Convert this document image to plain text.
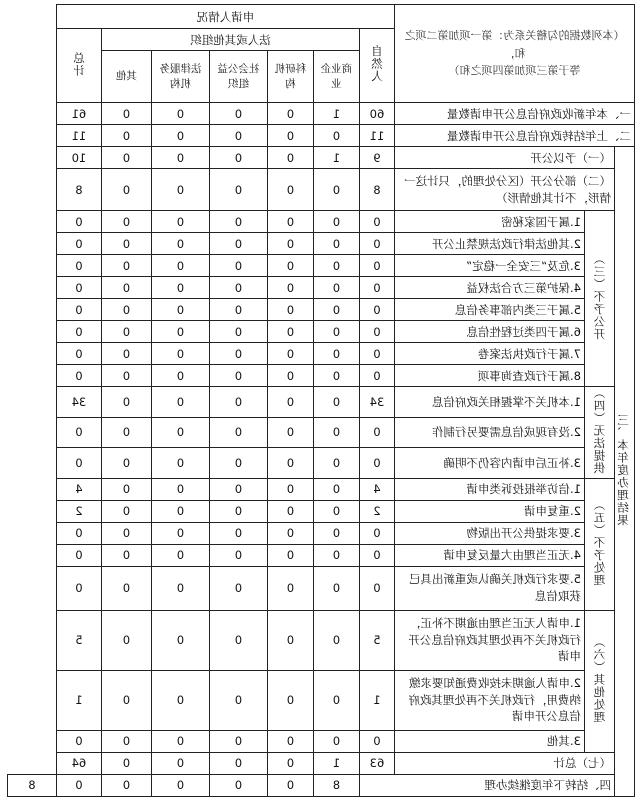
（本列数据的勾稽关系为：第一项加第二项之和，
等于第三项加第四项之和）			申请人情况							
			自然人	法人或其他组织					总计	
				商业企业	科研机构	社会公益组织	法律服务机构	其他		
一、本年新收政府信息公开申请数量			60	1	0	0	0	0	61	
二、上年结转政府信息公开申请数量			11	0	0	0	0	0	11	
三、本年度办理结果	（一）予以公开		9	1	0	0	0	0	10	
	（二）部分公开（区分处理的，只计这一情形，不计其他情形）		8	0	0	0	0	0	8	
	（三）不予公开	1.属于国家秘密	0	0	0	0	0	0	0	
		2.其他法律行政法规禁止公开	0	0	0	0	0	0	0	
		3.危及“三安全一稳定”	0	0	0	0	0	0	0	
		4.保护第三方合法权益	0	0	0	0	0	0	0	
		5.属于三类内部事务信息	0	0	0	0	0	0	0	
		6.属于四类过程性信息	0	0	0	0	0	0	0	
		7.属于行政执法案卷	0	0	0	0	0	0	0	
		8.属于行政查询事项	0	0	0	0	0	0	0	
	（四）无法提供	1.本机关不掌握相关政府信息	34	0	0	0	0	0	34	
		2.没有现成信息需要另行制作	0	0	0	0	0	0	0	
		3.补正后申请内容仍不明确	0	0	0	0	0	0	0	
	（五）不予处理	1.信访举报投诉类申请	4	0	0	0	0	0	4	
		2.重复申请	2	0	0	0	0	0	2	
		3.要求提供公开出版物	0	0	0	0	0	0	0	
		4.无正当理由大量反复申请	0	0	0	0	0	0	0	
		5.要求行政机关确认或重新出具已获取信息	0	0	0	0	0	0	0	
	（六）其他处理	1.申请人无正当理由逾期不补正，行政机关不再处理其政府信息公开申请	5	0	0	0	0	0	5	
		2.申请人逾期未按收费通知要求缴纳费用，行政机关不再处理其政府信息公开申请	1	0	0	0	0	0	1	
		3.其他	0	0	0	0	0	0	0	
	（七）总计		63	1	0	0	0	0	64	
	四、结转下年度继续办理			8	0	0	0	0	0	8
